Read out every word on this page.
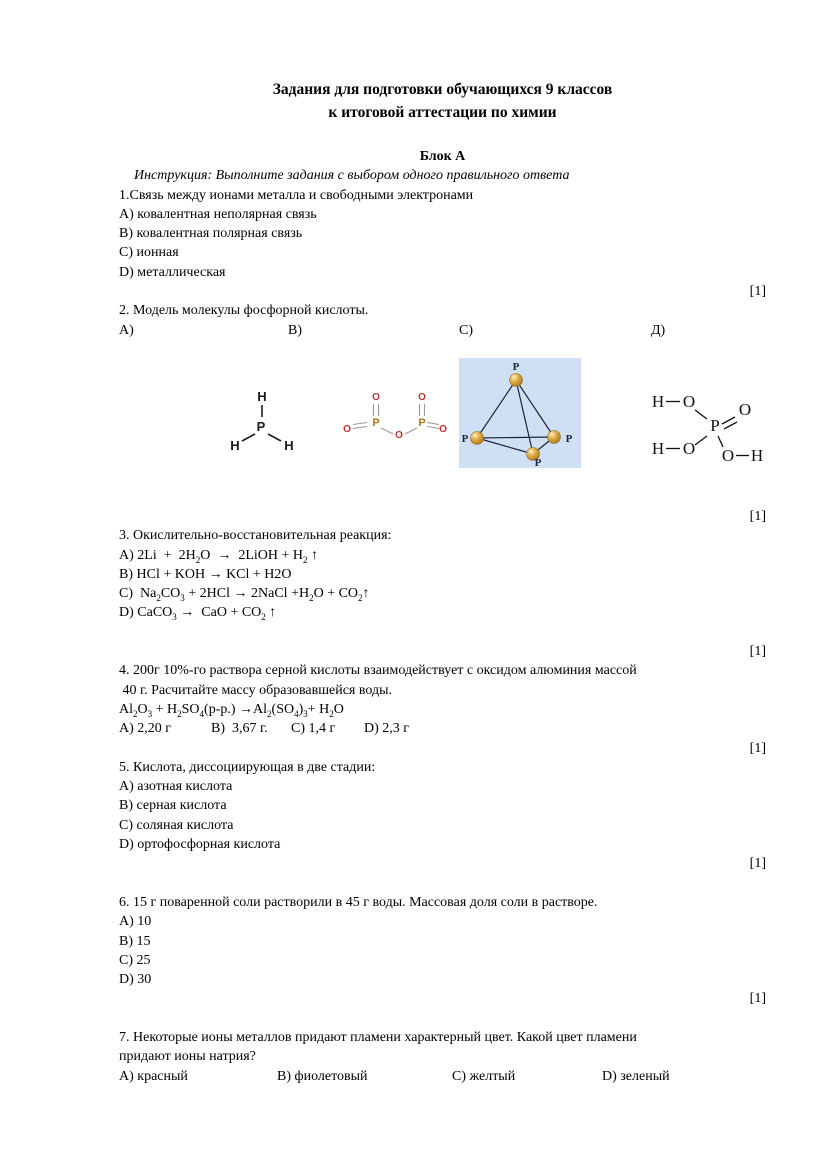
Задания для подготовки обучающихся 9 классов
к итоговой аттестации по химии
Блок А
Инструкция: Выполните задания с выбором одного правильного ответа
1.Связь между ионами металла и свободными электронами
A) ковалентная неполярная связь
B) ковалентная полярная связь
C) ионная
D) металлическая
[1]
2. Модель молекулы фосфорной кислоты.
A)	B)	C)	Д)
H
P
H	H
O	O
P	P
O
O
O
P
P	P
P
H O
P
O
H O O H
[1]
3. Окислительно-восстановительная реакция:
A) $2Li + 2H_2O$  →  2LiOH + $H_2$ ↑
B) HCl + KOH → KCl + H2O
C)  $Na_2CO_3 + 2HCl$ → 2NaCl $+H_2O$ + $CO_2↑$
D) CaCO$_3$ →  CaO + $CO_2$ ↑
[1]
4. 200г 10%-го раствора серной кислоты взаимодействует с оксидом алюминия массой
40 г. Расчитайте массу образовавшейся воды.
$Al_2O_3 + H_2SO_4(р-р.) \to Al_2(SO_4)_3+ H_2O$
A) 2,20 г	B)  3,67 г.	C) 1,4 г	D) 2,3 г
[1]
5. Кислота, диссоциирующая в две стадии:
A) азотная кислота
B) серная кислота
C) соляная кислота
D) ортофосфорная кислота
[1]
6. 15 г поваренной соли растворили в 45 г воды. Массовая доля соли в растворе.
A) 10
B) 15
C) 25
D) 30
[1]
7. Некоторые ионы металлов придают пламени характерный цвет. Какой цвет пламени
придают ионы натрия?
A) красный	B) фиолетовый	C) желтый	D) зеленый
